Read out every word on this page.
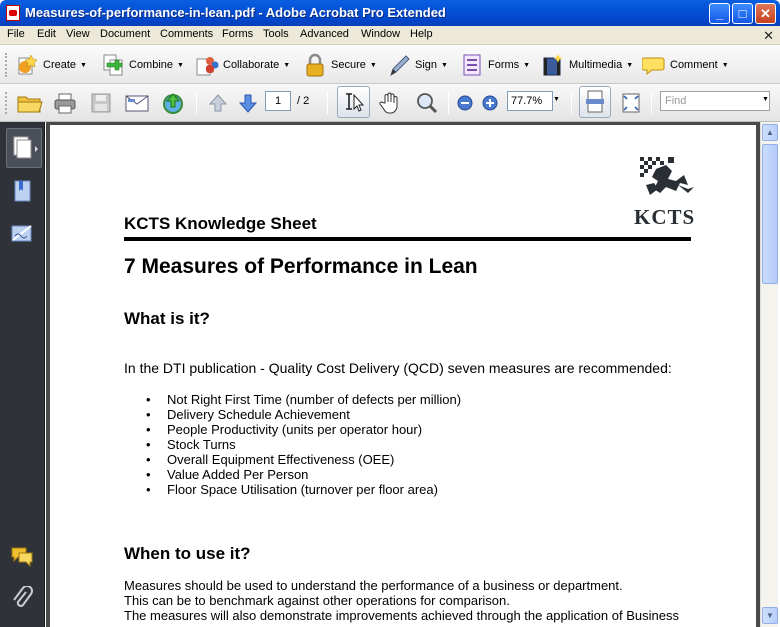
Measures-of-performance-in-lean.pdf - Adobe Acrobat Pro Extended	_	□	✕
File Edit View Document Comments Forms Tools Advanced Window Help	✕
Create ▼	Combine ▼	Collaborate ▼	Secure ▼	Sign ▼	Forms ▼	Multimedia ▼	Comment ▼
1	/ 2	77.7%	▼	Find	▼
KCTS
KCTS Knowledge Sheet
7 Measures of Performance in Lean
What is it?
In the DTI publication - Quality Cost Delivery (QCD) seven measures are recommended:
• Not Right First Time (number of defects per million)
• Delivery Schedule Achievement
• People Productivity (units per operator hour)
• Stock Turns
• Overall Equipment Effectiveness (OEE)
• Value Added Per Person
• Floor Space Utilisation (turnover per floor area)
When to use it?
Measures should be used to understand the performance of a business or department.
This can be to benchmark against other operations for comparison.
The measures will also demonstrate improvements achieved through the application of Business
▲
▼
